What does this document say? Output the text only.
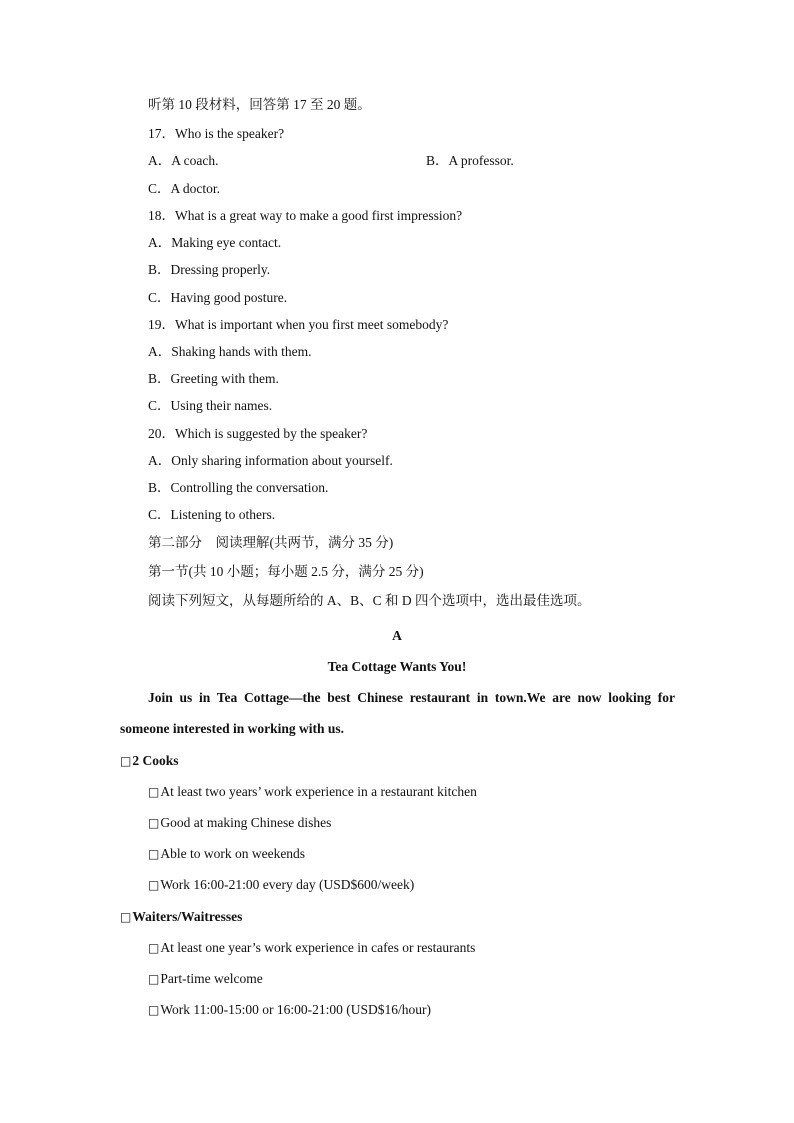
听第 10 段材料，回答第 17 至 20 题。
17．Who is the speaker?
A．A coach.	B．A professor.
C．A doctor.
18．What is a great way to make a good first impression?
A．Making eye contact.
B．Dressing properly.
C．Having good posture.
19．What is important when you first meet somebody?
A．Shaking hands with them.
B．Greeting with them.
C．Using their names.
20．Which is suggested by the speaker?
A．Only sharing information about yourself.
B．Controlling the conversation.
C．Listening to others.
第二部分　阅读理解(共两节，满分 35 分)
第一节(共 10 小题；每小题 2.5 分，满分 25 分)
阅读下列短文，从每题所给的 A、B、C 和 D 四个选项中，选出最佳选项。
A
Tea Cottage Wants You!
Join us in Tea Cottage—the best Chinese restaurant in town.We are now looking for
someone interested in working with us.
□2 Cooks
□At least two years’ work experience in a restaurant kitchen
□Good at making Chinese dishes
□Able to work on weekends
□Work 16:00-21:00 every day (USD$600/week)
□Waiters/Waitresses
□At least one year’s work experience in cafes or restaurants
□Part-time welcome
□Work 11:00-15:00 or 16:00-21:00 (USD$16/hour)
